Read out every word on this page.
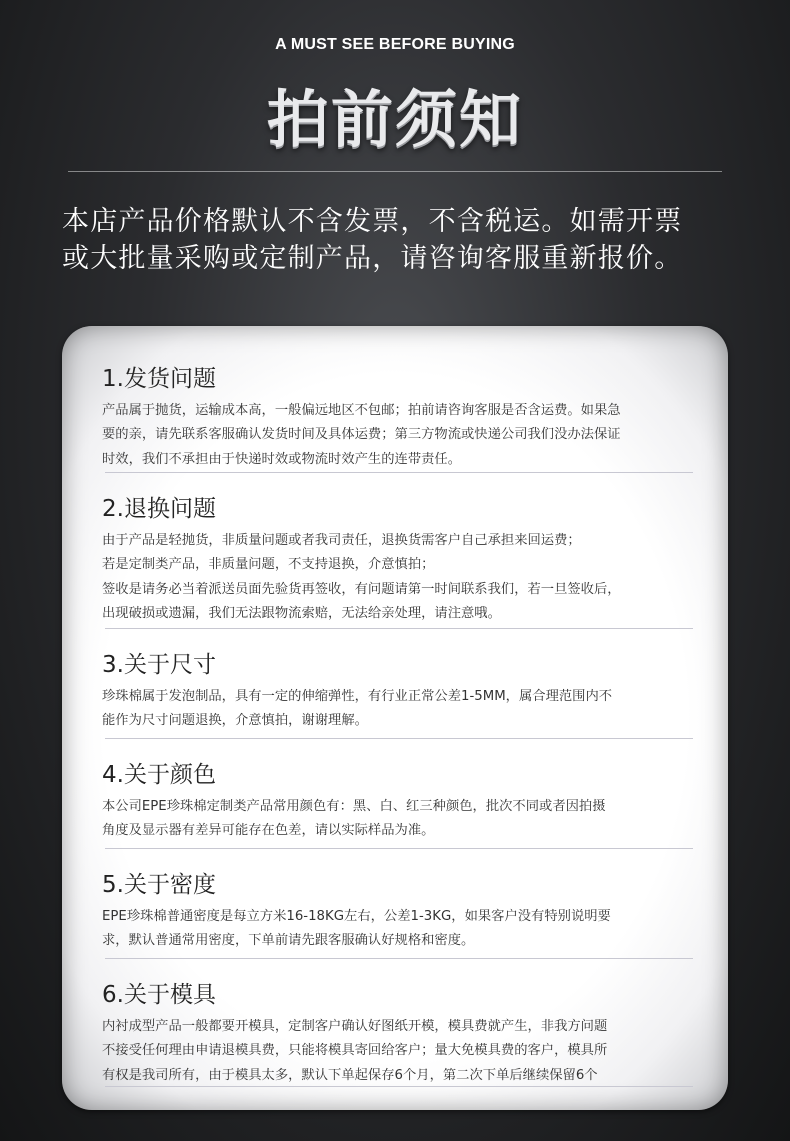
A MUST SEE BEFORE BUYING
拍前须知
本店产品价格默认不含发票，不含税运。如需开票
或大批量采购或定制产品，请咨询客服重新报价。
1.发货问题
产品属于抛货，运输成本高，一般偏远地区不包邮；拍前请咨询客服是否含运费。如果急
要的亲，请先联系客服确认发货时间及具体运费；第三方物流或快递公司我们没办法保证
时效，我们不承担由于快递时效或物流时效产生的连带责任。
2.退换问题
由于产品是轻抛货，非质量问题或者我司责任，退换货需客户自己承担来回运费；
若是定制类产品，非质量问题，不支持退换，介意慎拍；
签收是请务必当着派送员面先验货再签收，有问题请第一时间联系我们，若一旦签收后，
出现破损或遗漏，我们无法跟物流索赔，无法给亲处理，请注意哦。
3.关于尺寸
珍珠棉属于发泡制品，具有一定的伸缩弹性，有行业正常公差1-5MM，属合理范围内不
能作为尺寸问题退换，介意慎拍，谢谢理解。
4.关于颜色
本公司EPE珍珠棉定制类产品常用颜色有：黑、白、红三种颜色，批次不同或者因拍摄
角度及显示器有差异可能存在色差，请以实际样品为准。
5.关于密度
EPE珍珠棉普通密度是每立方米16-18KG左右，公差1-3KG，如果客户没有特别说明要
求，默认普通常用密度，下单前请先跟客服确认好规格和密度。
6.关于模具
内衬成型产品一般都要开模具，定制客户确认好图纸开模，模具费就产生，非我方问题
不接受任何理由申请退模具费，只能将模具寄回给客户；量大免模具费的客户，模具所
有权是我司所有，由于模具太多，默认下单起保存6个月，第二次下单后继续保留6个
